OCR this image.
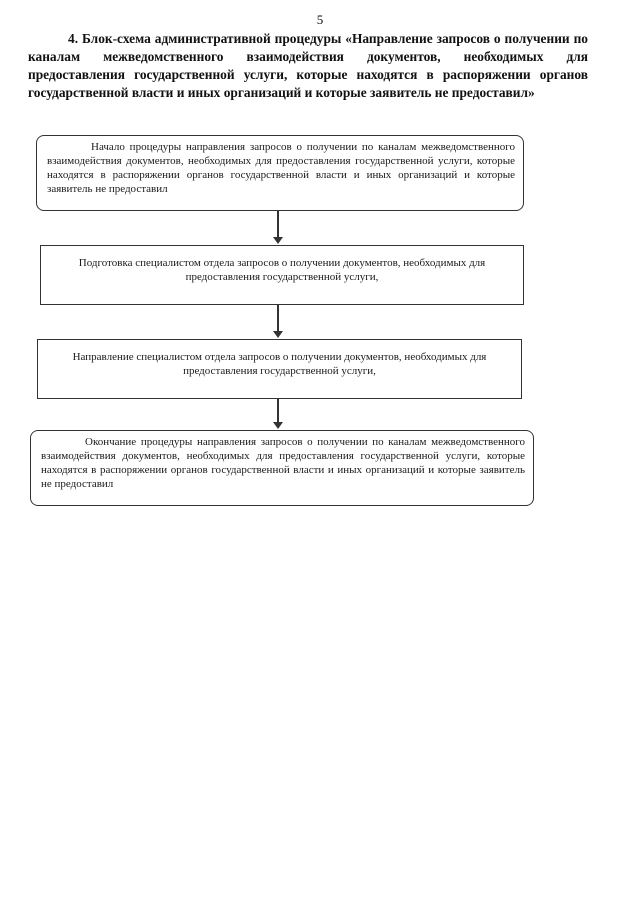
5
4. Блок-схема административной процедуры «Направление запросов о получении по каналам межведомственного взаимодействия документов, необходимых для предоставления государственной услуги, которые находятся в распоряжении органов государственной власти и иных организаций и которые заявитель не предоставил»
Начало процедуры направления запросов о получении по каналам межведомственного взаимодействия документов, необходимых для предоставления государственной услуги, которые находятся в распоряжении органов государственной власти и иных организаций и которые заявитель не предоставил
Подготовка специалистом отдела запросов о получении документов, необходимых для предоставления государственной услуги,
Направление специалистом отдела запросов о получении документов, необходимых для предоставления государственной услуги,
Окончание процедуры направления запросов о получении по каналам межведомственного взаимодействия документов, необходимых для предоставления государственной услуги, которые находятся в распоряжении органов государственной власти и иных организаций и которые заявитель не предоставил
